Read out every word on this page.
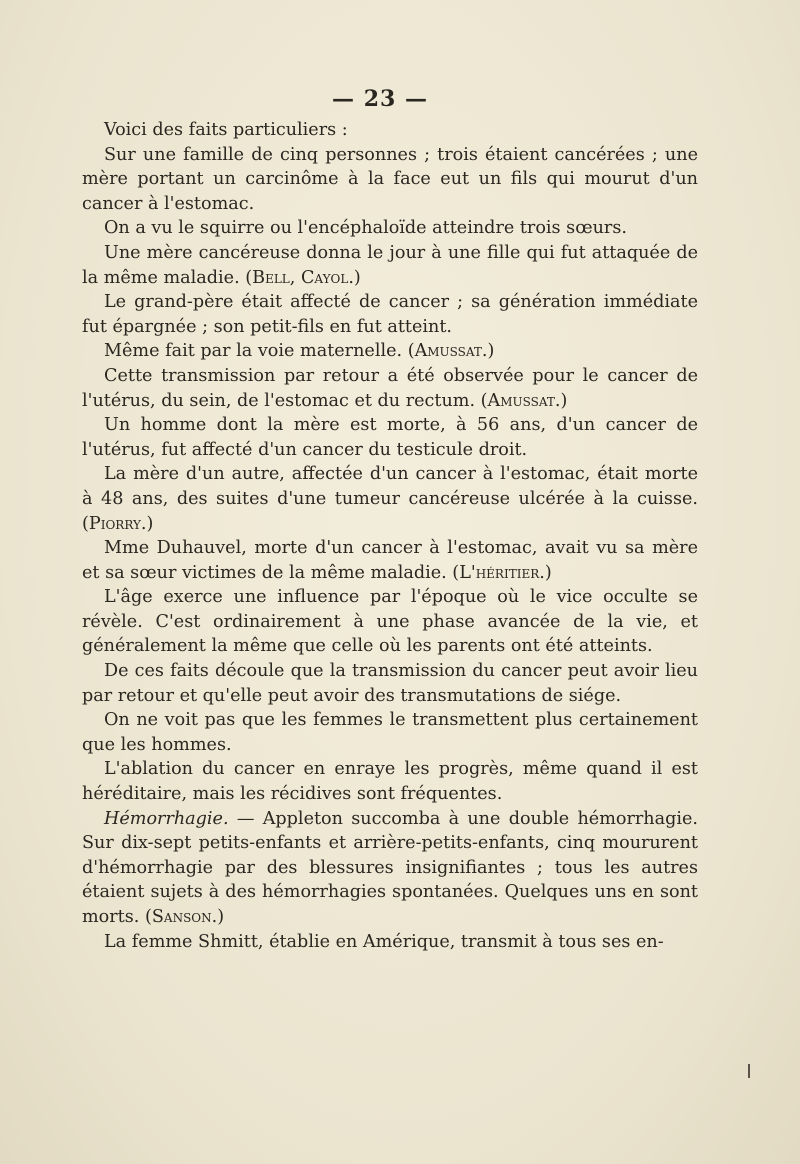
— 23 —

Voici des faits particuliers :

Sur une famille de cinq personnes ; trois étaient cancérées ; une mère portant un carcinôme à la face eut un fils qui mourut d'un cancer à l'estomac.

On a vu le squirre ou l'encéphaloïde atteindre trois sœurs.

Une mère cancéreuse donna le jour à une fille qui fut attaquée de la même maladie. (Bell, Cayol.)

Le grand-père était affecté de cancer ; sa génération immédiate fut épargnée ; son petit-fils en fut atteint.

Même fait par la voie maternelle. (Amussat.)

Cette transmission par retour a été observée pour le cancer de l'utérus, du sein, de l'estomac et du rectum. (Amussat.)

Un homme dont la mère est morte, à 56 ans, d'un cancer de l'utérus, fut affecté d'un cancer du testicule droit.

La mère d'un autre, affectée d'un cancer à l'estomac, était morte à 48 ans, des suites d'une tumeur cancéreuse ulcérée à la cuisse. (Piorry.)

Mme Duhauvel, morte d'un cancer à l'estomac, avait vu sa mère et sa sœur victimes de la même maladie. (L'héritier.)

L'âge exerce une influence par l'époque où le vice occulte se révèle. C'est ordinairement à une phase avancée de la vie, et généralement la même que celle où les parents ont été atteints.

De ces faits découle que la transmission du cancer peut avoir lieu par retour et qu'elle peut avoir des transmutations de siége.

On ne voit pas que les femmes le transmettent plus certainement que les hommes.

L'ablation du cancer en enraye les progrès, même quand il est héréditaire, mais les récidives sont fréquentes.

Hémorrhagie. — Appleton succomba à une double hémorrhagie. Sur dix-sept petits-enfants et arrière-petits-enfants, cinq moururent d'hémorrhagie par des blessures insignifiantes ; tous les autres étaient sujets à des hémorrhagies spontanées. Quelques uns en sont morts. (Sanson.)

La femme Shmitt, établie en Amérique, transmit à tous ses en-
